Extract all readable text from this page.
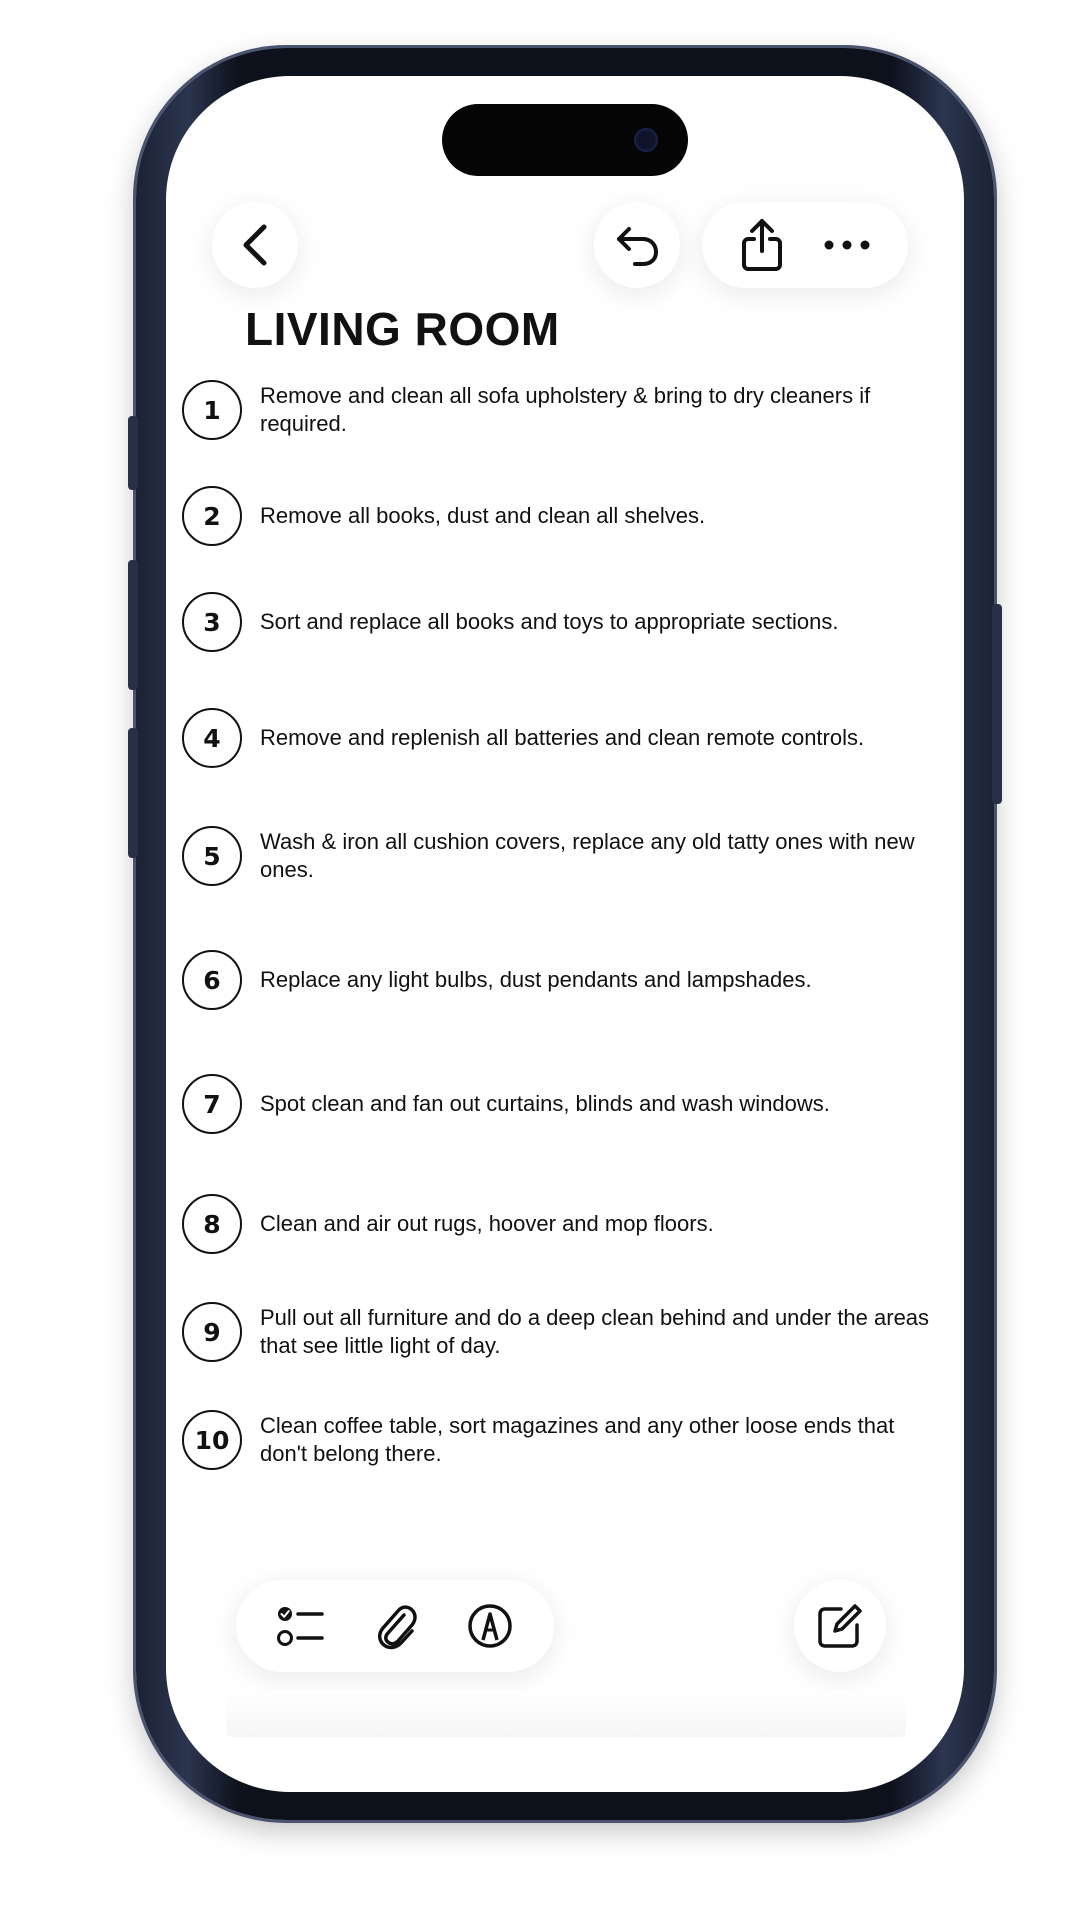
LIVING ROOM
1	Remove and clean all sofa upholstery & bring to dry cleaners if required.
2	Remove all books, dust and clean all shelves.
3	Sort and replace all books and toys to appropriate sections.
4	Remove and replenish all batteries and clean remote controls.
5	Wash & iron all cushion covers, replace any old tatty ones with new ones.
6	Replace any light bulbs, dust pendants and lampshades.
7	Spot clean and fan out curtains, blinds and wash windows.
8	Clean and air out rugs, hoover and mop floors.
9	Pull out all furniture and do a deep clean behind and under the areas that see little light of day.
10	Clean coffee table, sort magazines and any other loose ends that don't belong there.
